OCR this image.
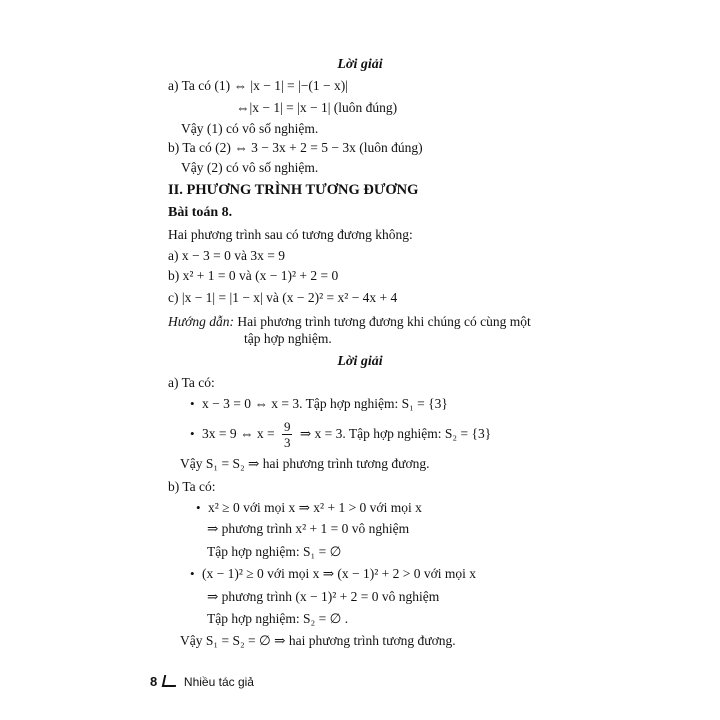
Lời giải
a) Ta có (1) ⇔ |x − 1| = |−(1 − x)|
⇔|x − 1| = |x − 1| (luôn đúng)
Vậy (1) có vô số nghiệm.
b) Ta có (2) ⇔ 3 − 3x + 2 = 5 − 3x (luôn đúng)
Vậy (2) có vô số nghiệm.
II. PHƯƠNG TRÌNH TƯƠNG ĐƯƠNG
Bài toán 8.
Hai phương trình sau có tương đương không:
a) x − 3 = 0 và 3x = 9
b) x² + 1 = 0 và (x − 1)² + 2 = 0
c) |x − 1| = |1 − x| và (x − 2)² = x² − 4x + 4
Hướng dẫn: Hai phương trình tương đương khi chúng có cùng một
tập hợp nghiệm.
Lời giải
a) Ta có:
• x − 3 = 0 ⇔ x = 3. Tập hợp nghiệm: S₁ = {3}
• 3x = 9 ⇔ $x = \frac{9}{3}$ ⇒ x = 3. Tập hợp nghiệm: S₂ = {3}
Vậy S₁ = S₂ ⇒ hai phương trình tương đương.
b) Ta có:
• x² ≥ 0 với mọi x ⇒ x² + 1 > 0 với mọi x
⇒ phương trình x² + 1 = 0 vô nghiệm
Tập hợp nghiệm: S₁ = ∅
• (x − 1)² ≥ 0 với mọi x ⇒ (x − 1)² + 2 > 0 với mọi x
⇒ phương trình (x − 1)² + 2 = 0 vô nghiệm
Tập hợp nghiệm: S₂ = ∅ .
Vậy S₁ = S₂ = ∅ ⇒ hai phương trình tương đương.
8 Nhiều tác giả
